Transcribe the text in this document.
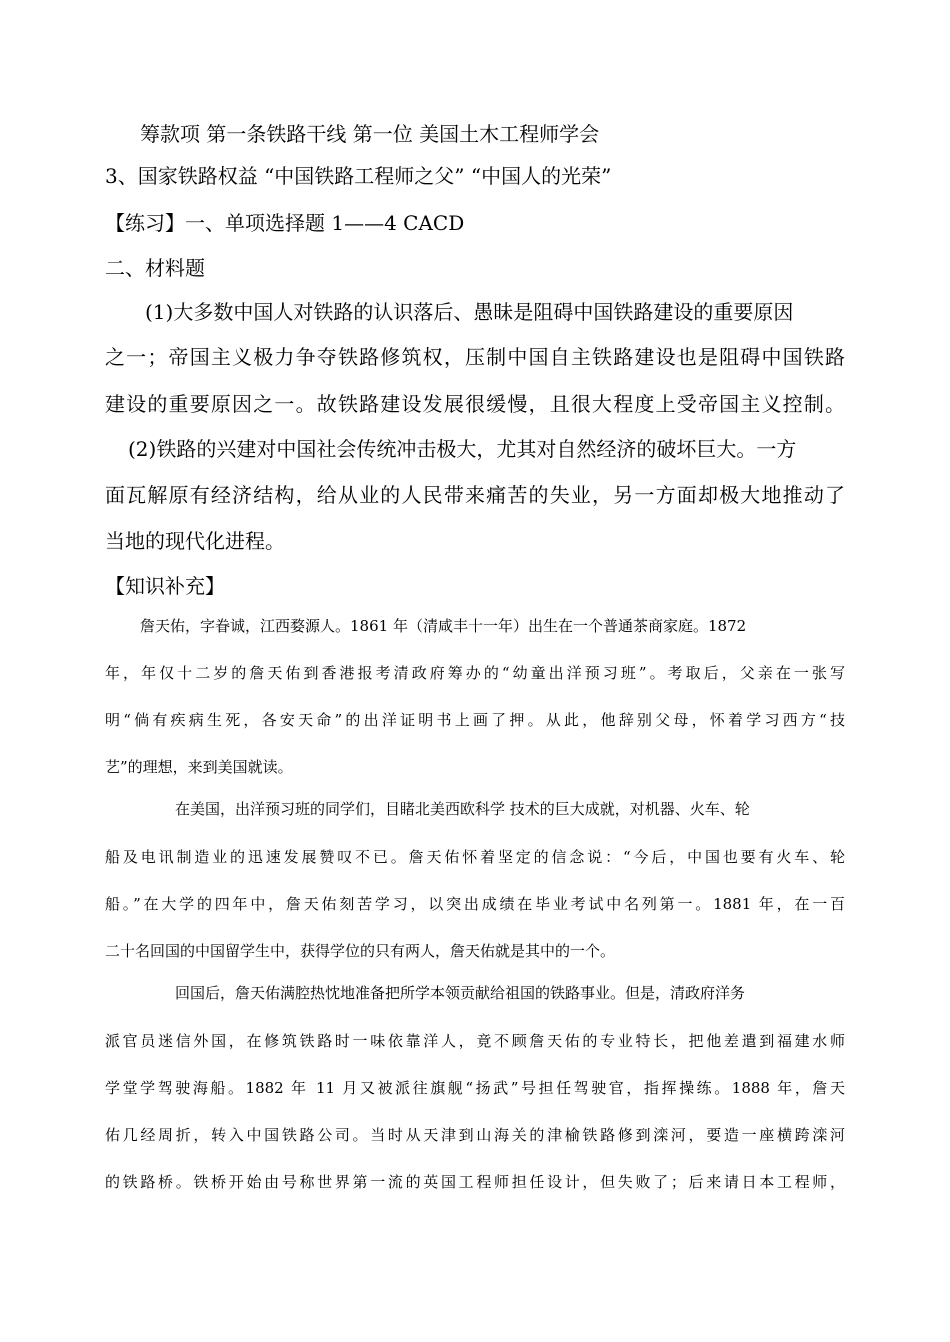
筹款项 第一条铁路干线 第一位 美国土木工程师学会

3、国家铁路权益 “中国铁路工程师之父” “中国人的光荣”

【练习】一、单项选择题 1——4 CACD

二、材料题

(1)大多数中国人对铁路的认识落后、愚昧是阻碍中国铁路建设的重要原因

之一；帝国主义极力争夺铁路修筑权，压制中国自主铁路建设也是阻碍中国铁路

建设的重要原因之一。故铁路建设发展很缓慢，且很大程度上受帝国主义控制。

(2)铁路的兴建对中国社会传统冲击极大，尤其对自然经济的破坏巨大。一方

面瓦解原有经济结构，给从业的人民带来痛苦的失业，另一方面却极大地推动了

当地的现代化进程。

【知识补充】

詹天佑，字眷诚，江西婺源人。1861 年（清咸丰十一年）出生在一个普通茶商家庭。1872

年，年仅十二岁的詹天佑到香港报考清政府筹办的“幼童出洋预习班”。考取后，父亲在一张写

明“倘有疾病生死，各安天命”的出洋证明书上画了押。从此，他辞别父母，怀着学习西方“技

艺”的理想，来到美国就读。

在美国，出洋预习班的同学们，目睹北美西欧科学 技术的巨大成就，对机器、火车、轮

船及电讯制造业的迅速发展赞叹不已。詹天佑怀着坚定的信念说：“今后，中国也要有火车、轮

船。”在大学的四年中，詹天佑刻苦学习，以突出成绩在毕业考试中名列第一。1881 年，在一百

二十名回国的中国留学生中，获得学位的只有两人，詹天佑就是其中的一个。

回国后，詹天佑满腔热忱地准备把所学本领贡献给祖国的铁路事业。但是，清政府洋务

派官员迷信外国，在修筑铁路时一味依靠洋人，竟不顾詹天佑的专业特长，把他差遣到福建水师

学堂学驾驶海船。1882 年 11 月又被派往旗舰“扬武”号担任驾驶官，指挥操练。1888 年，詹天

佑几经周折，转入中国铁路公司。当时从天津到山海关的津榆铁路修到滦河，要造一座横跨滦河

的铁路桥。铁桥开始由号称世界第一流的英国工程师担任设计，但失败了；后来请日本工程师，
